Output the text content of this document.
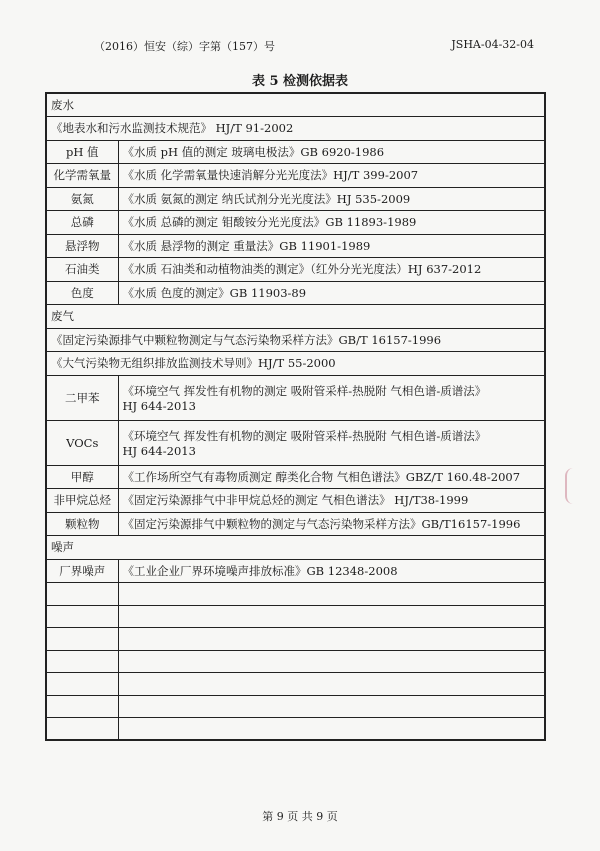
（2016）恒安（综）字第（157）号	JSHA-04-32-04
表 5 检测依据表
废水	
《地表水和污水监测技术规范》 HJ/T 91-2002	
pH 值	《水质 pH 值的测定 玻璃电极法》GB 6920-1986
化学需氧量	《水质 化学需氧量快速消解分光光度法》HJ/T 399-2007
氨氮	《水质 氨氮的测定 纳氏试剂分光光度法》HJ 535-2009
总磷	《水质 总磷的测定 钼酸铵分光光度法》GB 11893-1989
悬浮物	《水质 悬浮物的测定 重量法》GB 11901-1989
石油类	《水质 石油类和动植物油类的测定》（红外分光光度法）HJ 637-2012
色度	《水质 色度的测定》GB 11903-89
废气	
《固定污染源排气中颗粒物测定与气态污染物采样方法》GB/T 16157-1996	
《大气污染物无组织排放监测技术导则》HJ/T 55-2000	
二甲苯	《环境空气 挥发性有机物的测定 吸附管采样-热脱附 气相色谱-质谱法》
HJ 644-2013

VOCs	《环境空气 挥发性有机物的测定 吸附管采样-热脱附 气相色谱-质谱法》
HJ 644-2013

甲醇	《工作场所空气有毒物质测定 醇类化合物 气相色谱法》GBZ/T 160.48-2007
非甲烷总烃	《固定污染源排气中非甲烷总烃的测定 气相色谱法》 HJ/T38-1999
颗粒物	《固定污染源排气中颗粒物的测定与气态污染物采样方法》GB/T16157-1996
噪声	
厂界噪声	《工业企业厂界环境噪声排放标准》GB 12348-2008

第 9 页 共 9 页
